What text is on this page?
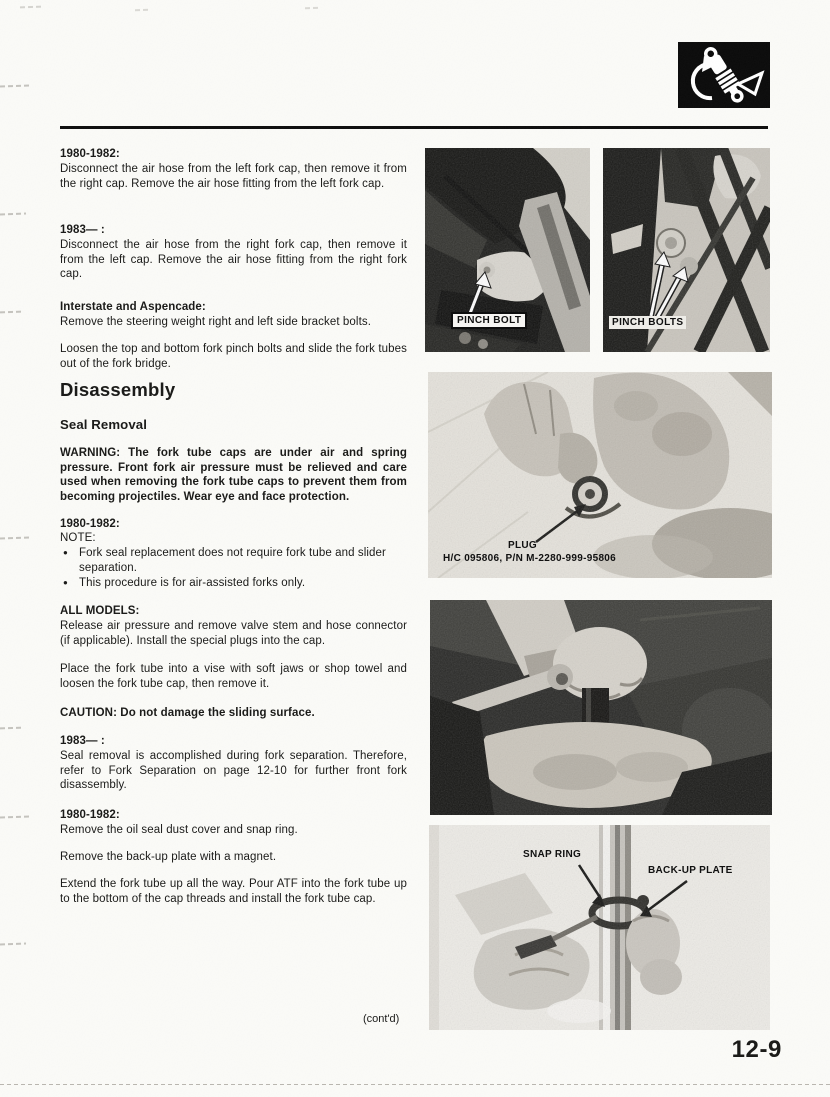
1980-1982:
Disconnect the air hose from the left fork cap, then remove it from the right cap. Remove the air hose fitting from the left fork cap.
1983— :
Disconnect the air hose from the right fork cap, then remove it from the left cap. Remove the air hose fitting from the right fork cap.
Interstate and Aspencade:
Remove the steering weight right and left side bracket bolts.
Loosen the top and bottom fork pinch bolts and slide the fork tubes out of the fork bridge.
Disassembly
Seal Removal
WARNING: The fork tube caps are under air and spring pressure. Front fork air pressure must be relieved and care used when removing the fork tube caps to prevent them from becoming projectiles. Wear eye and face protection.
1980-1982:
NOTE:
● Fork seal replacement does not require fork tube and slider separation.
● This procedure is for air-assisted forks only.
ALL MODELS:
Release air pressure and remove valve stem and hose connector (if applicable). Install the special plugs into the cap.
Place the fork tube into a vise with soft jaws or shop towel and loosen the fork tube cap, then remove it.
CAUTION: Do not damage the sliding surface.
1983— :
Seal removal is accomplished during fork separation. Therefore, refer to Fork Separation on page 12-10 for further front fork disassembly.
1980-1982:
Remove the oil seal dust cover and snap ring.
Remove the back-up plate with a magnet.
Extend the fork tube up all the way. Pour ATF into the fork tube up to the bottom of the cap threads and install the fork tube cap.
PINCH BOLT	PINCH BOLTS
PLUG
H/C 095806, P/N M-2280-999-95806
SNAP RING
BACK-UP PLATE
(cont'd)
12-9
